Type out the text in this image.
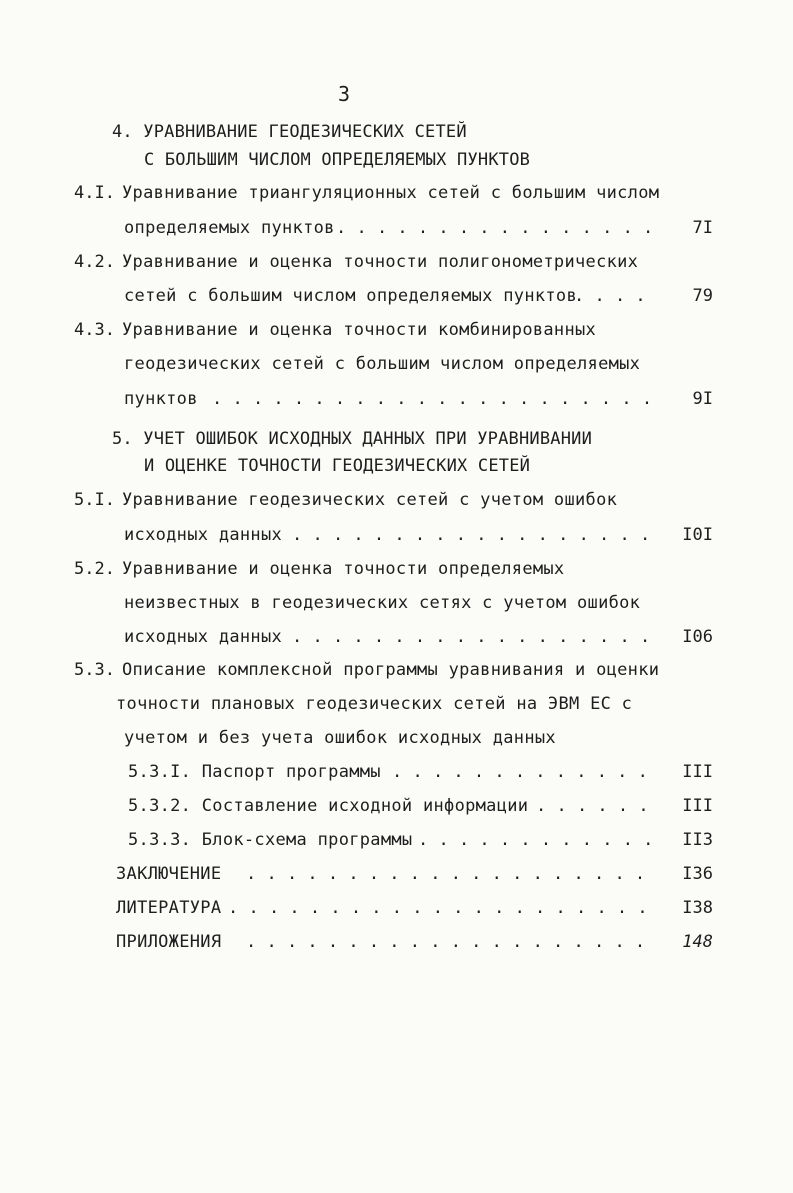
3
4. УРАВНИВАНИЕ ГЕОДЕЗИЧЕСКИХ СЕТЕЙ
С БОЛЬШИМ ЧИСЛОМ ОПРЕДЕЛЯЕМЫХ ПУНКТОВ
4.I. Уравнивание триангуляционных сетей с большим числом
определяемых пунктов . . .	7I
4.2. Уравнивание и оценка точности полигонометрических
сетей с большим числом определяемых пунктов . . .	79
4.3. Уравнивание и оценка точности комбинированных
геодезических сетей с большим числом определяемых
пунктов . . .	9I
5. УЧЕТ ОШИБОК ИСХОДНЫХ ДАННЫХ ПРИ УРАВНИВАНИИ
И ОЦЕНКЕ ТОЧНОСТИ ГЕОДЕЗИЧЕСКИХ СЕТЕЙ
5.I. Уравнивание геодезических сетей с учетом ошибок
исходных данных . . .	I0I
5.2. Уравнивание и оценка точности определяемых
неизвестных в геодезических сетях с учетом ошибок
исходных данных . . .	I06
5.3. Описание комплексной программы уравнивания и оценки
точности плановых геодезических сетей на ЭВМ ЕС с
учетом и без учета ошибок исходных данных
5.3.I. Паспорт программы . . .	III
5.3.2. Составление исходной информации . . .	III
5.3.3. Блок-схема программы . . .	II3
ЗАКЛЮЧЕНИЕ . . .	I36
ЛИТЕРАТУРА . . .	I38
ПРИЛОЖЕНИЯ . . .	148
